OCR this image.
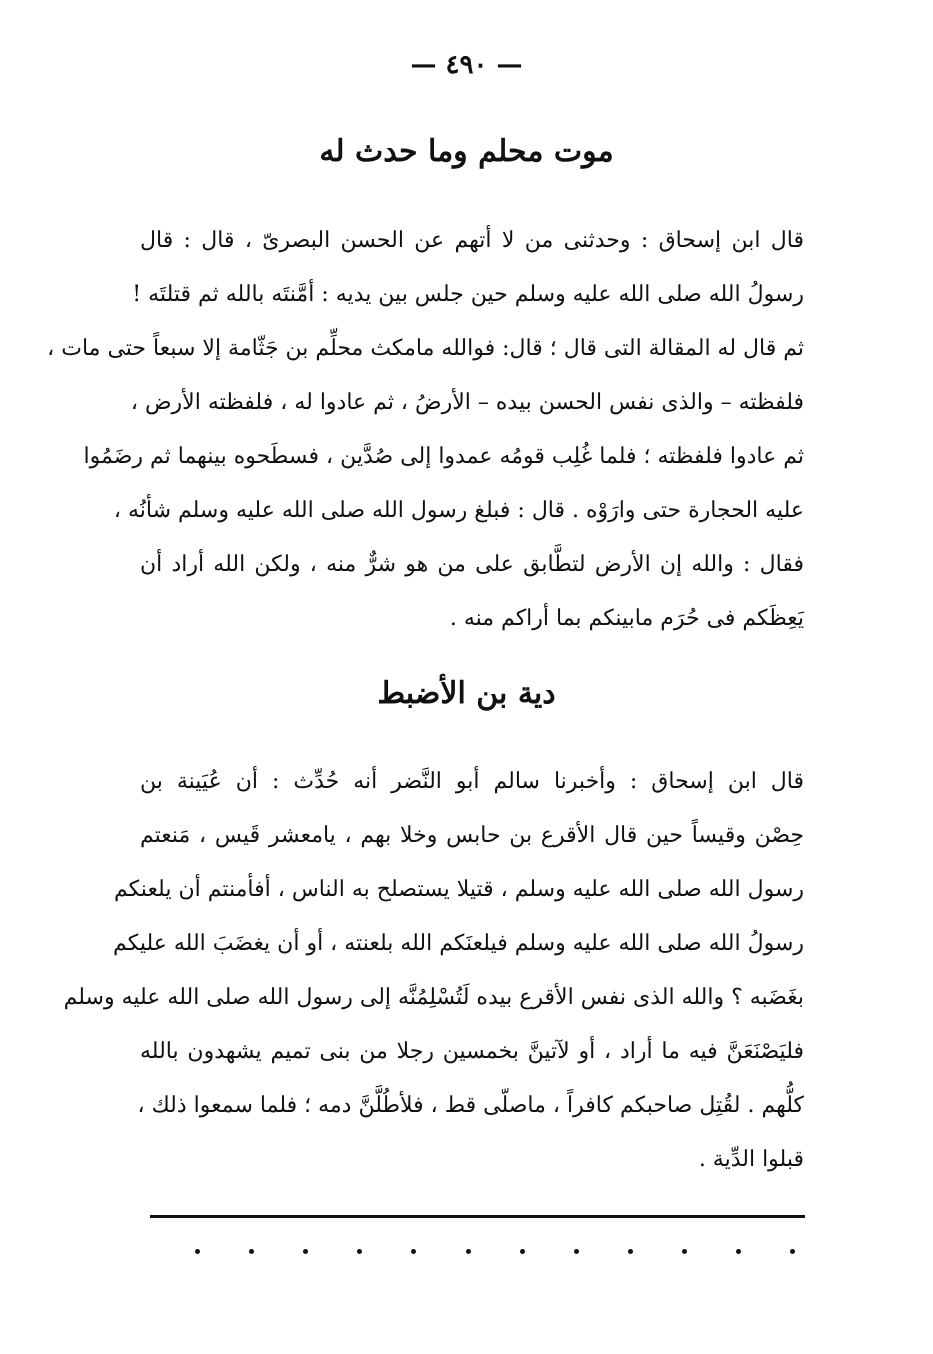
— ٤٩٠ —
موت محلم وما حدث له
قال ابن إسحاق : وحدثنى من لا أتهم عن الحسن البصرىّ ، قال : قال
رسولُ الله صلى الله عليه وسلم حين جلس بين يديه : أمَّنتَه بالله ثم قتلتَه !
ثم قال له المقالة التى قال ؛ قال: فوالله مامكث محلِّم بن جَثّامة إلا سبعاً حتى مات ،
فلفظته – والذى نفس الحسن بيده – الأرضُ ، ثم عادوا له ، فلفظته الأرض ،
ثم عادوا فلفظته ؛ فلما غُلِب قومُه عمدوا إلى صُدَّين ، فسطَحوه بينهما ثم رضَمُوا
عليه الحجارة حتى وارَوْه . قال : فبلغ رسول الله صلى الله عليه وسلم شأنُه ،
فقال : والله إن الأرض لتطَّابق على من هو شرٌّ منه ، ولكن الله أراد أن
يَعِظَكم فى حُرَم مابينكم بما أراكم منه .
دية بن الأضبط
قال ابن إسحاق : وأخبرنا سالم أبو النَّضر أنه حُدِّث : أن عُيَينة بن
حِصْن وقيساً حين قال الأقرع بن حابس وخلا بهم ، يامعشر قَيس ، مَنعتم
رسول الله صلى الله عليه وسلم ، قتيلا يستصلح به الناس ، أفأمنتم أن يلعنكم
رسولُ الله صلى الله عليه وسلم فيلعنَكم الله بلعنته ، أو أن يغضَبَ الله عليكم
بغَضَبه ؟ والله الذى نفس الأقرع بيده لَتُسْلِمُنَّه إلى رسول الله صلى الله عليه وسلم
فليَصْنَعَنَّ فيه ما أراد ، أو لآتينَّ بخمسين رجلا من بنى تميم يشهدون بالله
كلُّهم . لقُتِل صاحبكم كافراً ، ماصلّى قط ، فلأطُلَّنَّ دمه ؛ فلما سمعوا ذلك ،
قبلوا الدِّية .
